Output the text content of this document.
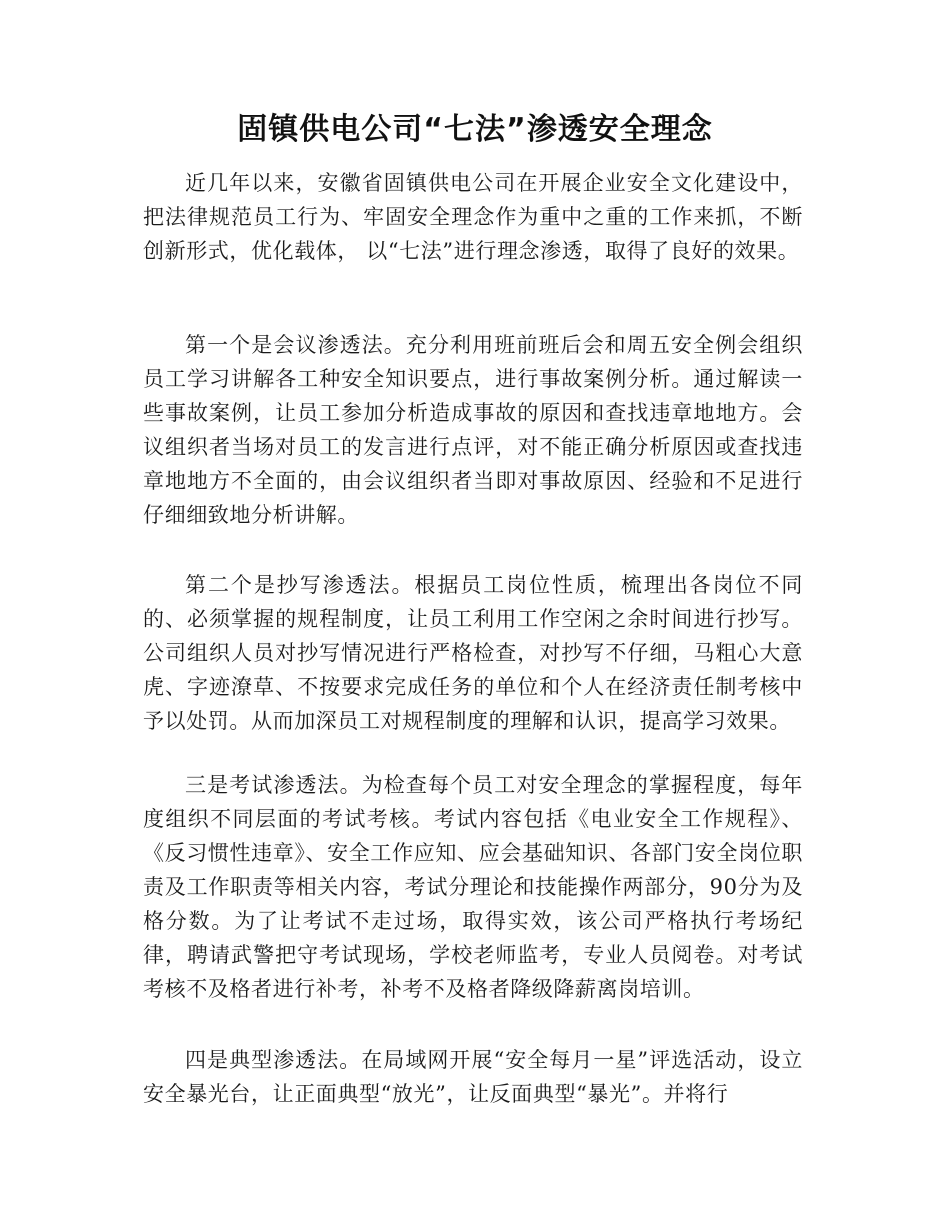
固镇供电公司“七法”渗透安全理念

近几年以来，安徽省固镇供电公司在开展企业安全文化建设中，把法律规范员工行为、牢固安全理念作为重中之重的工作来抓，不断创新形式，优化载体， 以“七法”进行理念渗透，取得了良好的效果。

第一个是会议渗透法。充分利用班前班后会和周五安全例会组织员工学习讲解各工种安全知识要点，进行事故案例分析。通过解读一些事故案例，让员工参加分析造成事故的原因和查找违章地地方。会议组织者当场对员工的发言进行点评，对不能正确分析原因或查找违章地地方不全面的，由会议组织者当即对事故原因、经验和不足进行仔细细致地分析讲解。

第二个是抄写渗透法。根据员工岗位性质，梳理出各岗位不同的、必须掌握的规程制度，让员工利用工作空闲之余时间进行抄写。公司组织人员对抄写情况进行严格检查，对抄写不仔细，马粗心大意虎、字迹潦草、不按要求完成任务的单位和个人在经济责任制考核中予以处罚。从而加深员工对规程制度的理解和认识，提高学习效果。

三是考试渗透法。为检查每个员工对安全理念的掌握程度，每年度组织不同层面的考试考核。考试内容包括《电业安全工作规程》、《反习惯性违章》、安全工作应知、应会基础知识、各部门安全岗位职责及工作职责等相关内容，考试分理论和技能操作两部分，90分为及格分数。为了让考试不走过场，取得实效，该公司严格执行考场纪律，聘请武警把守考试现场，学校老师监考，专业人员阅卷。对考试考核不及格者进行补考，补考不及格者降级降薪离岗培训。

四是典型渗透法。在局域网开展“安全每月一星”评选活动，设立安全暴光台，让正面典型“放光”，让反面典型“暴光”。并将行
